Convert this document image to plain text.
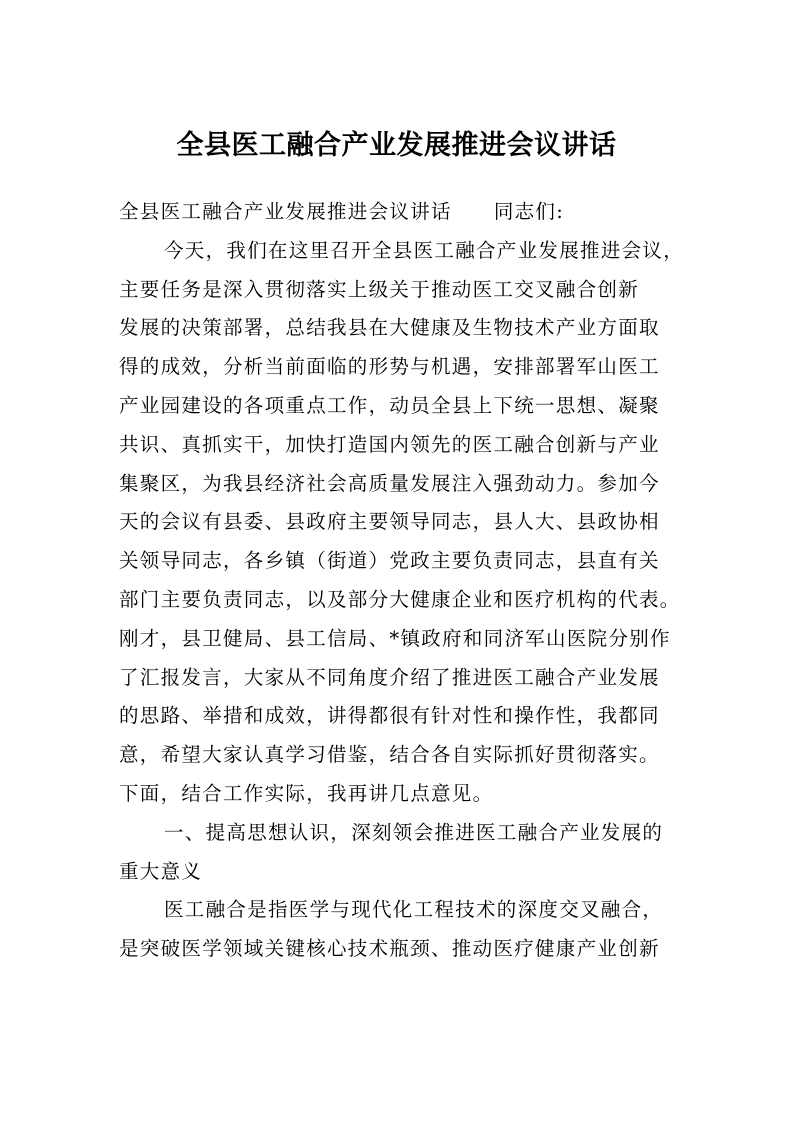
全县医工融合产业发展推进会议讲话
全县医工融合产业发展推进会议讲话 同志们:
今天，我们在这里召开全县医工融合产业发展推进会议，
主要任务是深入贯彻落实上级关于推动医工交叉融合创新
发展的决策部署，总结我县在大健康及生物技术产业方面取
得的成效，分析当前面临的形势与机遇，安排部署军山医工
产业园建设的各项重点工作，动员全县上下统一思想、凝聚
共识、真抓实干，加快打造国内领先的医工融合创新与产业
集聚区，为我县经济社会高质量发展注入强劲动力。参加今
天的会议有县委、县政府主要领导同志，县人大、县政协相
关领导同志，各乡镇（街道）党政主要负责同志，县直有关
部门主要负责同志，以及部分大健康企业和医疗机构的代表。
刚才，县卫健局、县工信局、*镇政府和同济军山医院分别作
了汇报发言，大家从不同角度介绍了推进医工融合产业发展
的思路、举措和成效，讲得都很有针对性和操作性，我都同
意，希望大家认真学习借鉴，结合各自实际抓好贯彻落实。
下面，结合工作实际，我再讲几点意见。
一、提高思想认识，深刻领会推进医工融合产业发展的
重大意义
医工融合是指医学与现代化工程技术的深度交叉融合，
是突破医学领域关键核心技术瓶颈、推动医疗健康产业创新
